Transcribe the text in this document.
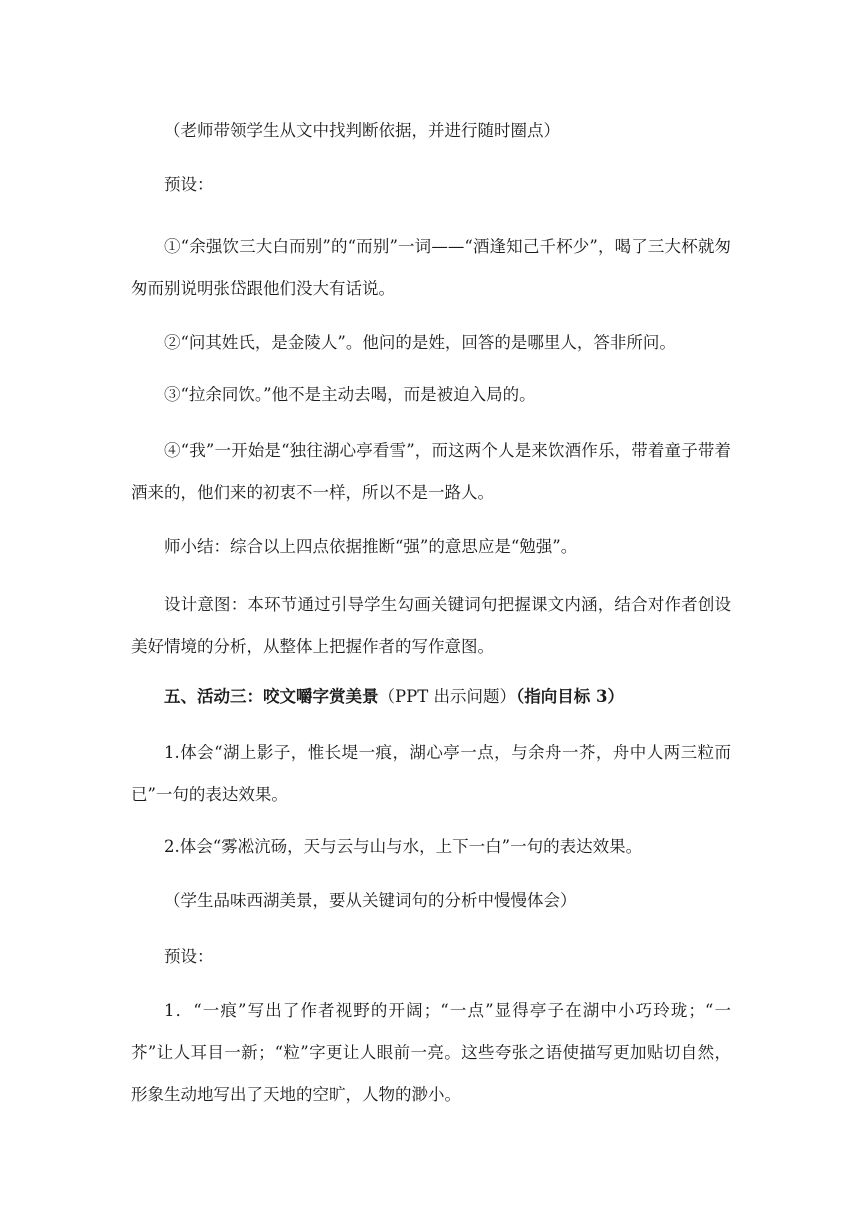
（老师带领学生从文中找判断依据，并进行随时圈点）

预设：

①“余强饮三大白而别”的“而别”一词——“酒逢知己千杯少”，喝了三大杯就匆匆而别说明张岱跟他们没大有话说。

②“问其姓氏，是金陵人”。他问的是姓，回答的是哪里人，答非所问。

③“拉余同饮。”他不是主动去喝，而是被迫入局的。

④“我”一开始是“独往湖心亭看雪”，而这两个人是来饮酒作乐，带着童子带着酒来的，他们来的初衷不一样，所以不是一路人。

师小结：综合以上四点依据推断“强”的意思应是“勉强”。

设计意图：本环节通过引导学生勾画关键词句把握课文内涵，结合对作者创设美好情境的分析，从整体上把握作者的写作意图。

五、活动三：咬文嚼字赏美景（PPT 出示问题）（指向目标 3）

1.体会“湖上影子，惟长堤一痕，湖心亭一点，与余舟一芥，舟中人两三粒而已”一句的表达效果。

2.体会“雾凇沆砀，天与云与山与水，上下一白”一句的表达效果。

（学生品味西湖美景，要从关键词句的分析中慢慢体会）

预设：

1．“一痕”写出了作者视野的开阔；“一点”显得亭子在湖中小巧玲珑；“一芥”让人耳目一新；“粒”字更让人眼前一亮。这些夸张之语使描写更加贴切自然，形象生动地写出了天地的空旷，人物的渺小。
